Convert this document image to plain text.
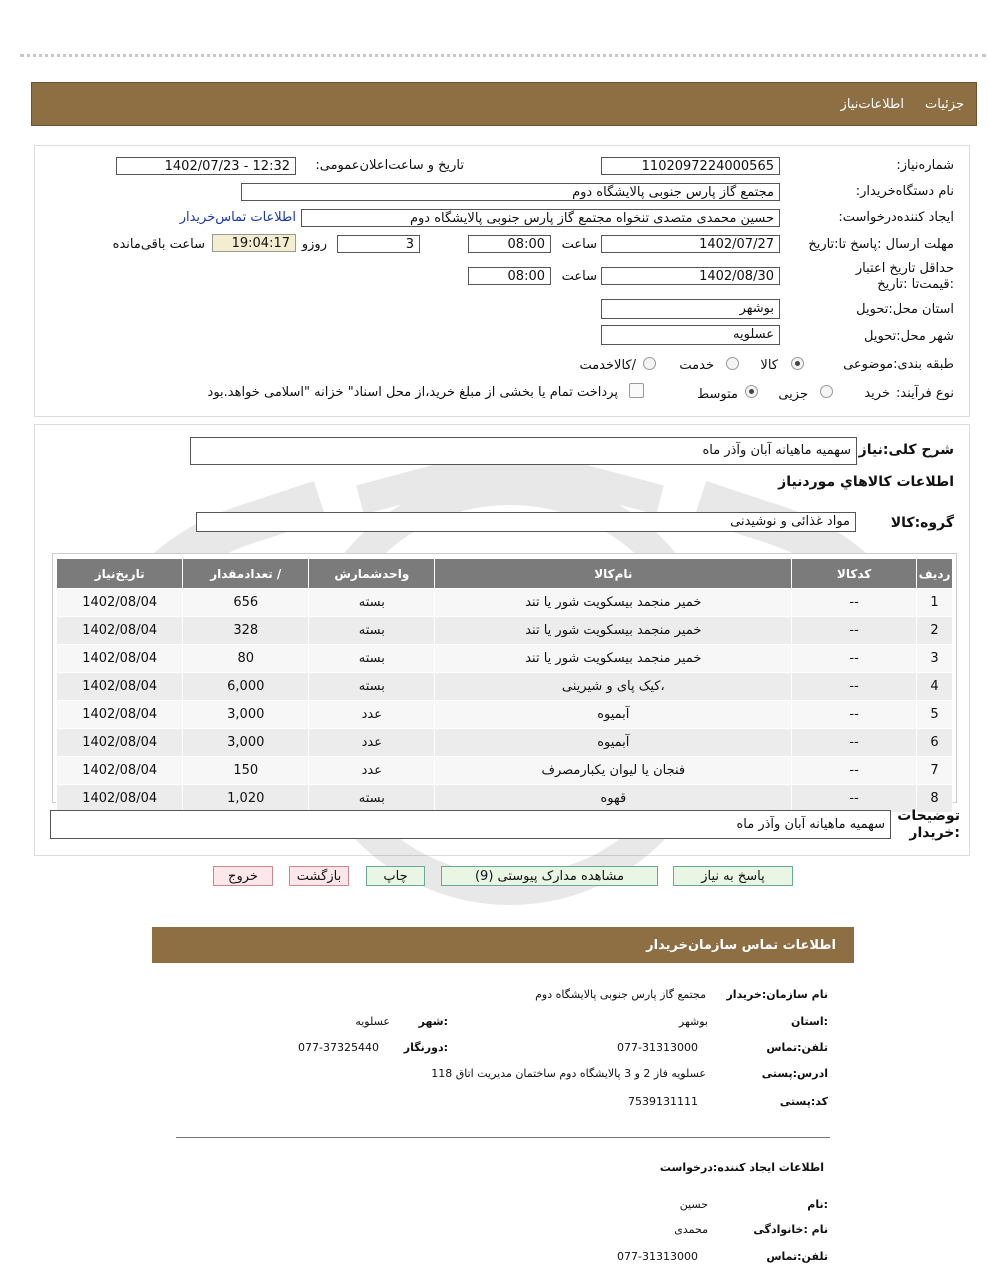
جزئیات
اطلاعات‌نیاز
شماره‌نیاز:
1102097224000565
تاریخ و ساعت‌اعلان‌عمومی:
1402/07/23 - 12:32
نام دستگاه‌خریدار:
مجتمع گاز پارس جنوبی پالایشگاه دوم
ایجاد کننده‌درخواست:
حسین محمدی متصدی تنخواه مجتمع گاز پارس جنوبی پالایشگاه دوم
اطلاعات تماس‌خریدار
مهلت ارسال :پاسخ تا:تاریخ
1402/07/27
ساعت
08:00
3
روزو
19:04:17
ساعت باقی‌مانده
حداقل تاریخ اعتبار :قیمت‌تا :تاریخ
1402/08/30
ساعت
08:00
استان محل:تحویل
بوشهر
شهر محل:تحویل
عسلویه
طبقه بندی:موضوعی
کالا
خدمت
/کالاخدمت
نوع فرآیند:
خرید
جزیی
متوسط
پرداخت تمام یا بخشی از مبلغ خرید،از محل اسناد" خزانه "اسلامی خواهد.بود
شرح کلی:نیاز
سهمیه ماهیانه آبان وآذر ماه
اطلاعات کالاهاي موردنياز
گروه:کالا
مواد غذائی و نوشیدنی
ردیف	کدکالا	نام‌کالا	واحدشمارش	/ تعدادمقدار	تاریخ‌نیاز
1	--	خمیر منجمد بیسکویت شور یا تند	بسته	656	1402/08/04
2	--	خمیر منجمد بیسکویت شور یا تند	بسته	328	1402/08/04
3	--	خمیر منجمد بیسکویت شور یا تند	بسته	80	1402/08/04
4	--	،کیک پای و شیرینی	بسته	6,000	1402/08/04
5	--	آبمیوه	عدد	3,000	1402/08/04
6	--	آبمیوه	عدد	3,000	1402/08/04
7	--	فنجان یا لیوان یکبارمصرف	عدد	150	1402/08/04
8	--	قهوه	بسته	1,020	1402/08/04
توضیحات :خریدار
سهمیه ماهیانه آبان وآذر ماه
پاسخ به نیاز
مشاهده مدارک پیوستی (9)
چاپ
بازگشت
خروج
اطلاعات تماس سازمان‌خریدار
نام سازمان:خریدار
مجتمع گاز پارس جنوبی پالایشگاه دوم
:استان
بوشهر
:شهر
عسلویه
تلفن:تماس
077-31313000
:دورنگار
077-37325440
ادرس:پستی
عسلویه فاز 2 و 3 پالایشگاه دوم ساختمان مدیریت اتاق 118
کد:پستی
7539131111
اطلاعات ایجاد کننده:درخواست
:نام
حسین
نام :خانوادگی
محمدی
تلفن:تماس
077-31313000
